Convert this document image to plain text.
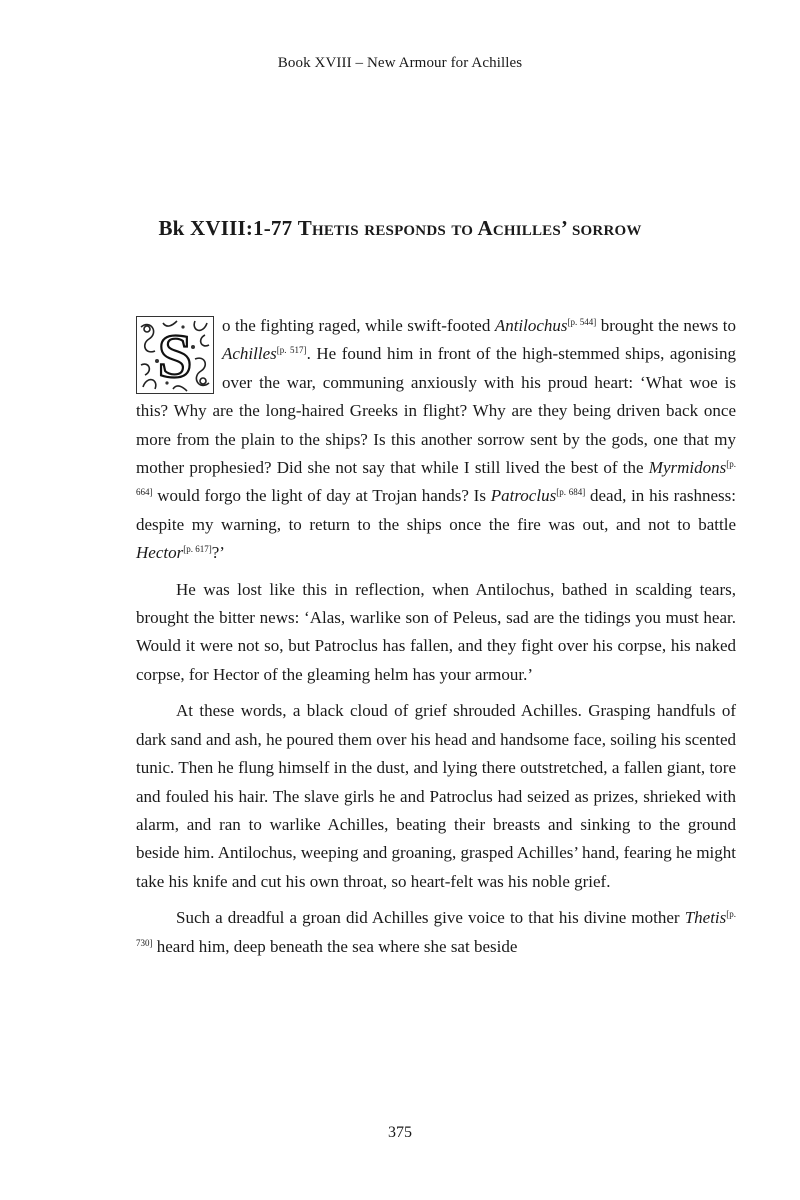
Book XVIII – New Armour for Achilles
Bk XVIII:1-77 Thetis responds to Achilles’ sorrow

S o the fighting raged, while swift-footed Antilochus[p. 544] brought the news to Achilles[p. 517]. He found him in front of the high-stemmed ships, agonising over the war, communing anxiously with his proud heart: ‘What woe is this? Why are the long-haired Greeks in flight? Why are they being driven back once more from the plain to the ships? Is this another sorrow sent by the gods, one that my mother prophesied? Did she not say that while I still lived the best of the Myrmidons[p. 664] would forgo the light of day at Trojan hands? Is Patroclus[p. 684] dead, in his rashness: despite my warning, to return to the ships once the fire was out, and not to battle Hector[p. 617]?’

He was lost like this in reflection, when Antilochus, bathed in scalding tears, brought the bitter news: ‘Alas, warlike son of Peleus, sad are the tidings you must hear. Would it were not so, but Patroclus has fallen, and they fight over his corpse, his naked corpse, for Hector of the gleaming helm has your armour.’

At these words, a black cloud of grief shrouded Achilles. Grasping handfuls of dark sand and ash, he poured them over his head and handsome face, soiling his scented tunic. Then he flung himself in the dust, and lying there outstretched, a fallen giant, tore and fouled his hair. The slave girls he and Patroclus had seized as prizes, shrieked with alarm, and ran to warlike Achilles, beating their breasts and sinking to the ground beside him. Antilochus, weeping and groaning, grasped Achilles’ hand, fearing he might take his knife and cut his own throat, so heart-felt was his noble grief.

Such a dreadful a groan did Achilles give voice to that his divine mother Thetis[p. 730] heard him, deep beneath the sea where she sat beside

375
